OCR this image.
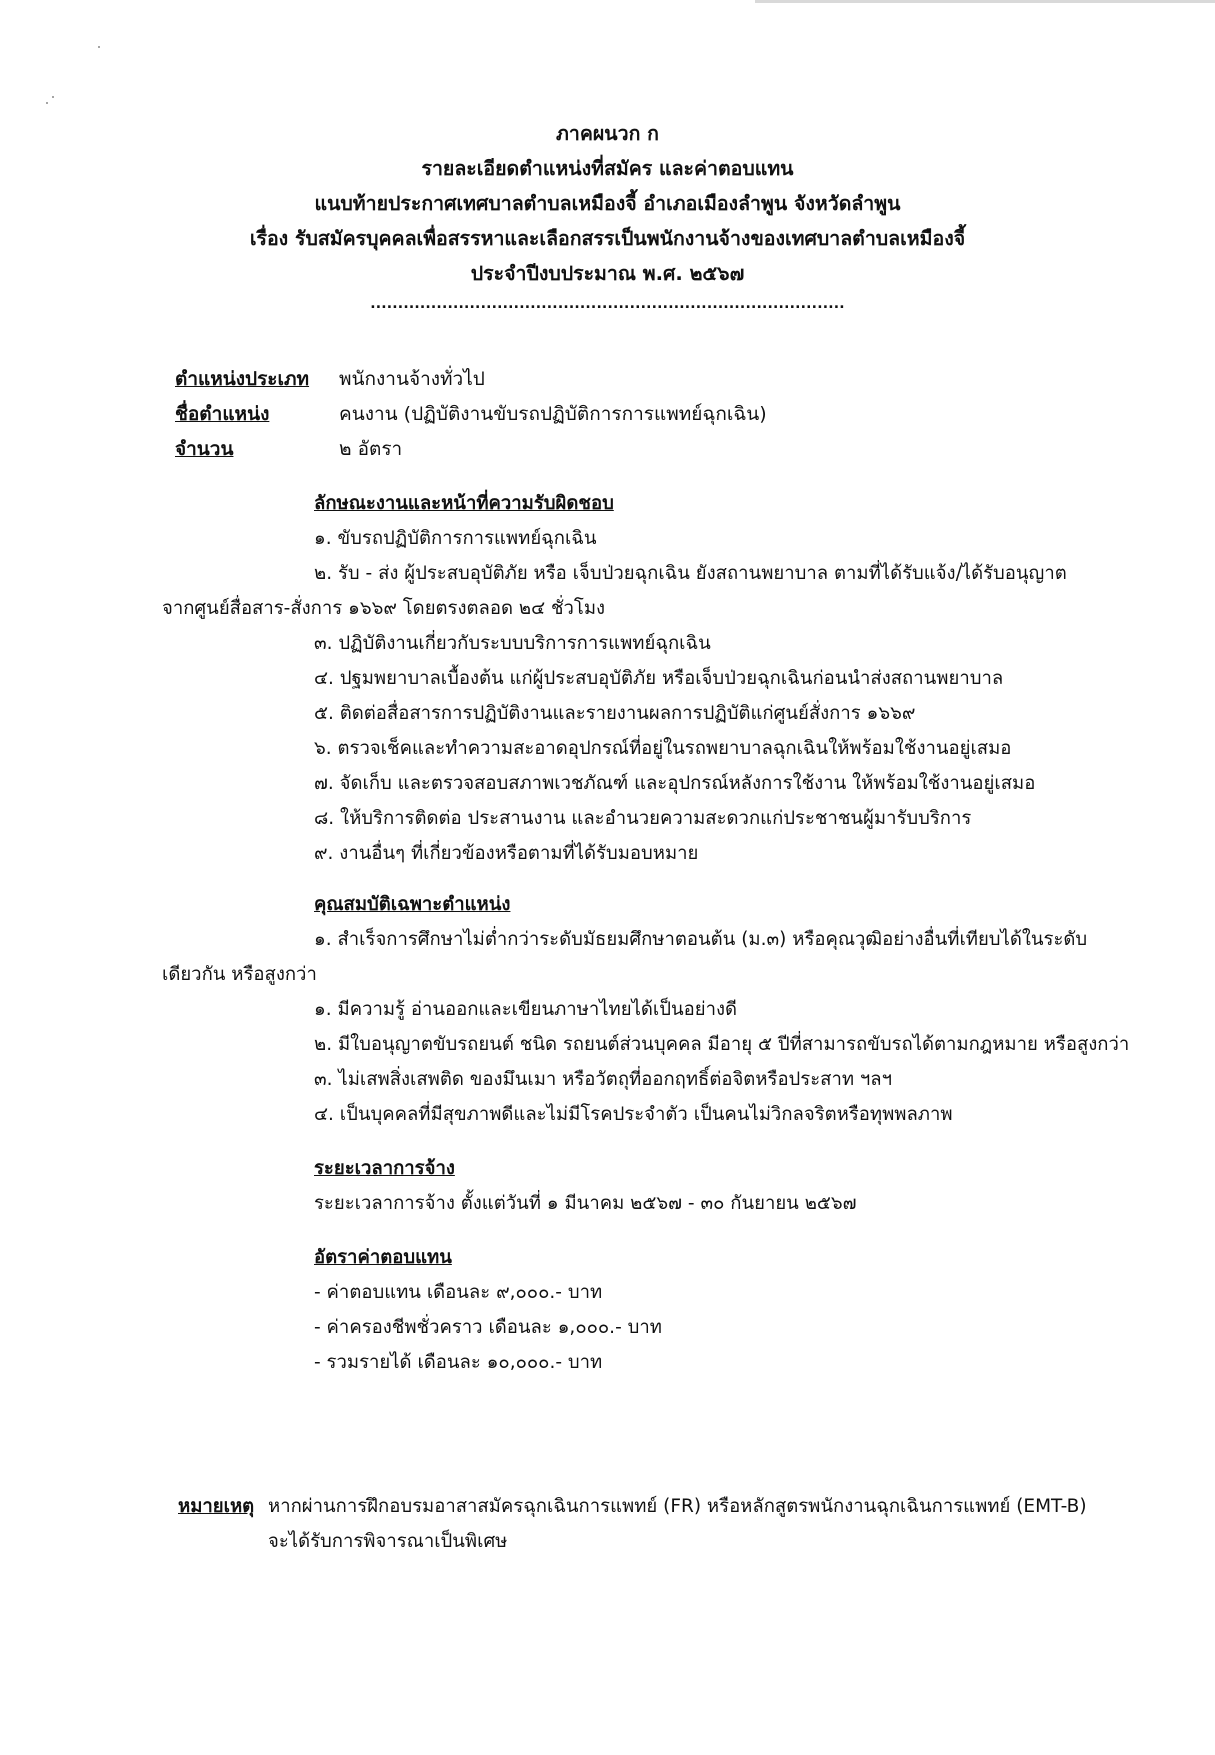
ภาคผนวก ก
รายละเอียดตำแหน่งที่สมัคร และค่าตอบแทน
แนบท้ายประกาศเทศบาลตำบลเหมืองจี้ อำเภอเมืองลำพูน จังหวัดลำพูน
เรื่อง รับสมัครบุคคลเพื่อสรรหาและเลือกสรรเป็นพนักงานจ้างของเทศบาลตำบลเหมืองจี้
ประจำปีงบประมาณ พ.ศ. ๒๕๖๗
......................................................................................
ตำแหน่งประเภท พนักงานจ้างทั่วไป
ชื่อตำแหน่ง	คนงาน (ปฏิบัติงานขับรถปฏิบัติการการแพทย์ฉุกเฉิน)
จำนวน	๒ อัตรา
ลักษณะงานและหน้าที่ความรับผิดชอบ
๑. ขับรถปฏิบัติการการแพทย์ฉุกเฉิน
๒. รับ - ส่ง ผู้ประสบอุบัติภัย หรือ เจ็บป่วยฉุกเฉิน ยังสถานพยาบาล ตามที่ได้รับแจ้ง/ได้รับอนุญาต
จากศูนย์สื่อสาร-สั่งการ ๑๖๖๙ โดยตรงตลอด ๒๔ ชั่วโมง
๓. ปฏิบัติงานเกี่ยวกับระบบบริการการแพทย์ฉุกเฉิน
๔. ปฐมพยาบาลเบื้องต้น แก่ผู้ประสบอุบัติภัย หรือเจ็บป่วยฉุกเฉินก่อนนำส่งสถานพยาบาล
๕. ติดต่อสื่อสารการปฏิบัติงานและรายงานผลการปฏิบัติแก่ศูนย์สั่งการ ๑๖๖๙
๖. ตรวจเช็คและทำความสะอาดอุปกรณ์ที่อยู่ในรถพยาบาลฉุกเฉินให้พร้อมใช้งานอยู่เสมอ
๗. จัดเก็บ และตรวจสอบสภาพเวชภัณฑ์ และอุปกรณ์หลังการใช้งาน ให้พร้อมใช้งานอยู่เสมอ
๘. ให้บริการติดต่อ ประสานงาน และอำนวยความสะดวกแก่ประชาชนผู้มารับบริการ
๙. งานอื่นๆ ที่เกี่ยวข้องหรือตามที่ได้รับมอบหมาย
คุณสมบัติเฉพาะตำแหน่ง
๑. สำเร็จการศึกษาไม่ต่ำกว่าระดับมัธยมศึกษาตอนต้น (ม.๓) หรือคุณวุฒิอย่างอื่นที่เทียบได้ในระดับ
เดียวกัน หรือสูงกว่า
๑. มีความรู้ อ่านออกและเขียนภาษาไทยได้เป็นอย่างดี
๒. มีใบอนุญาตขับรถยนต์ ชนิด รถยนต์ส่วนบุคคล มีอายุ ๕ ปีที่สามารถขับรถได้ตามกฎหมาย หรือสูงกว่า
๓. ไม่เสพสิ่งเสพติด ของมึนเมา หรือวัตถุที่ออกฤทธิ์ต่อจิตหรือประสาท ฯลฯ
๔. เป็นบุคคลที่มีสุขภาพดีและไม่มีโรคประจำตัว เป็นคนไม่วิกลจริตหรือทุพพลภาพ
ระยะเวลาการจ้าง
ระยะเวลาการจ้าง ตั้งแต่วันที่ ๑ มีนาคม ๒๕๖๗ - ๓๐ กันยายน ๒๕๖๗
อัตราค่าตอบแทน
- ค่าตอบแทน เดือนละ ๙,๐๐๐.- บาท
- ค่าครองชีพชั่วคราว เดือนละ ๑,๐๐๐.- บาท
- รวมรายได้ เดือนละ ๑๐,๐๐๐.- บาท
หมายเหตุ หากผ่านการฝึกอบรมอาสาสมัครฉุกเฉินการแพทย์ (FR) หรือหลักสูตรพนักงานฉุกเฉินการแพทย์ (EMT-B)
จะได้รับการพิจารณาเป็นพิเศษ
